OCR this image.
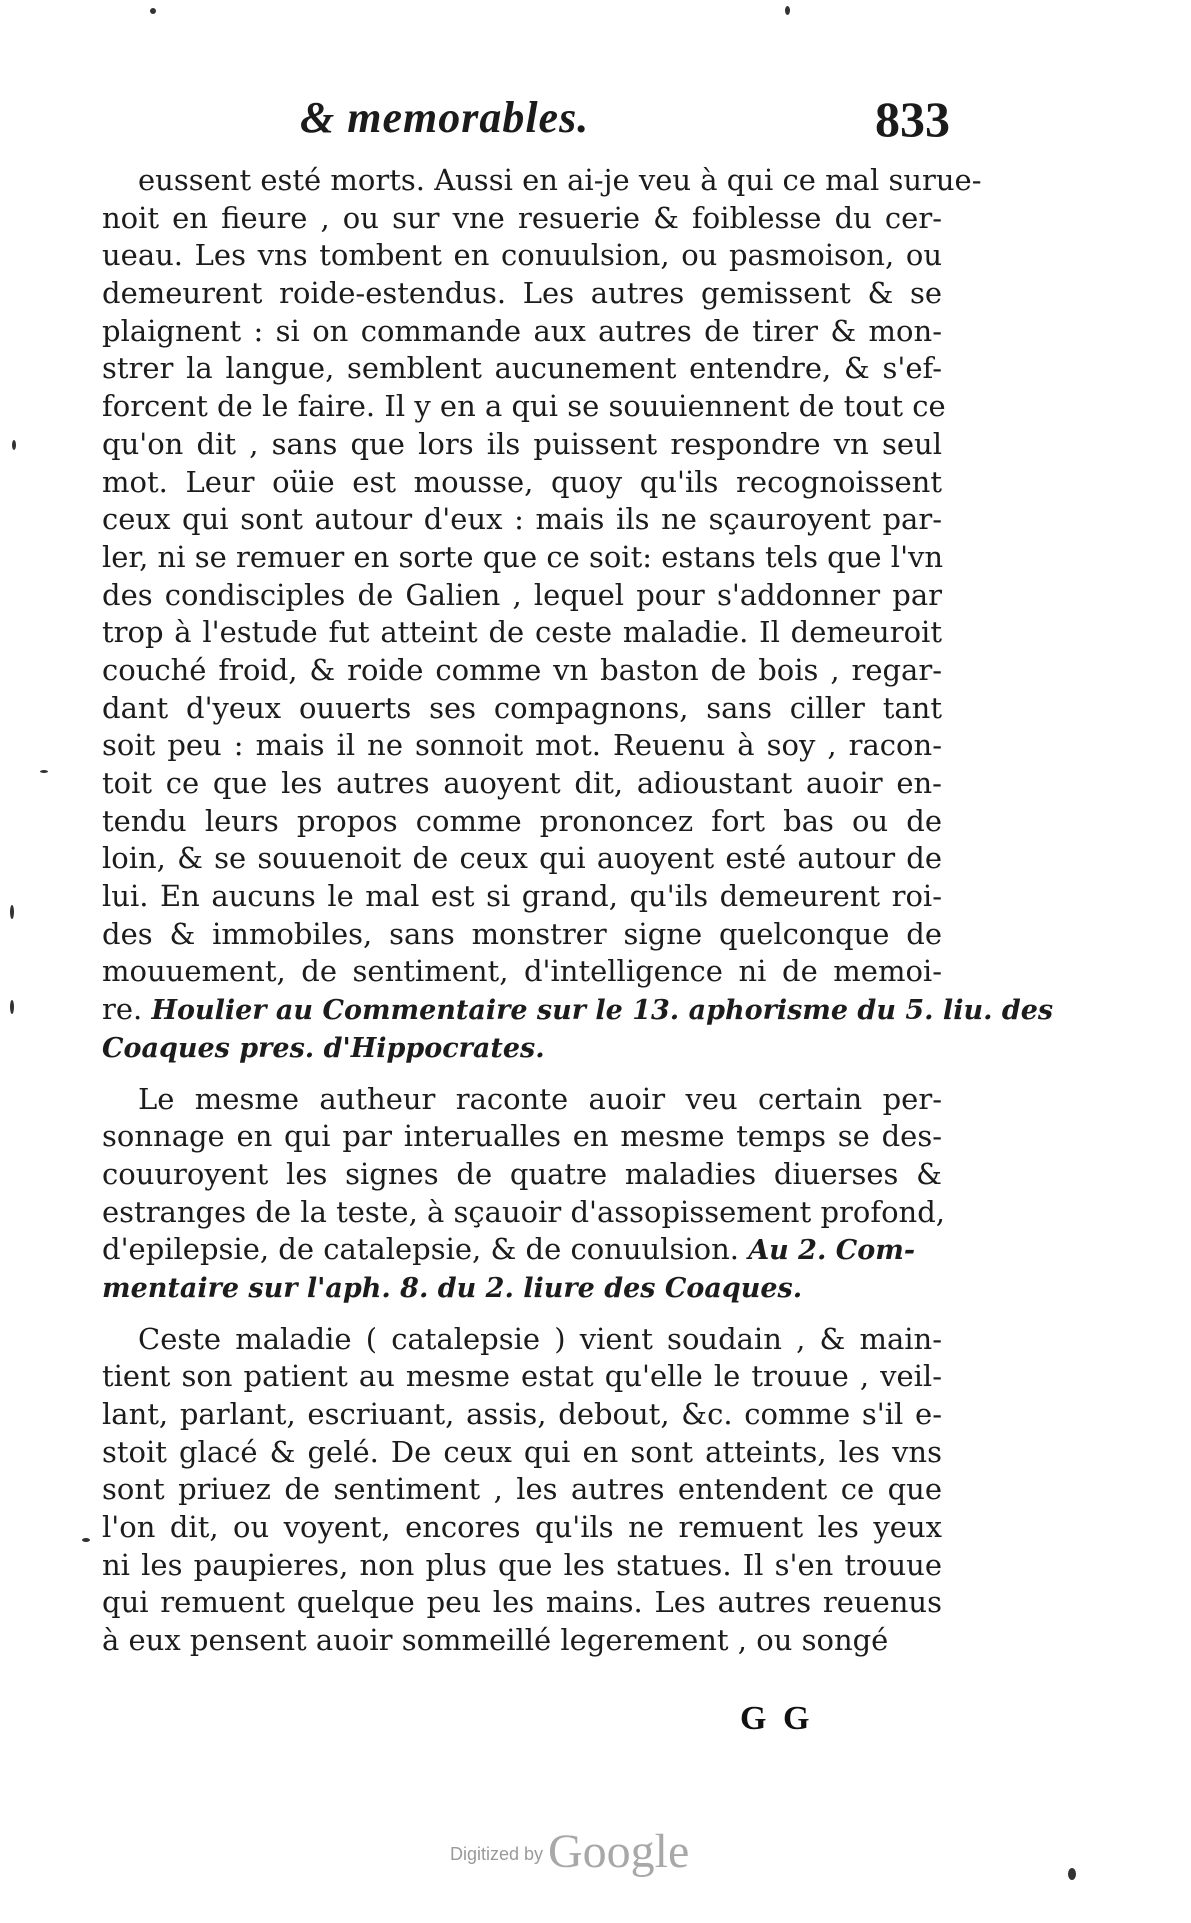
& memorables.	833
eussent esté morts. Aussi en ai-je veu à qui ce mal surue-
noit en fieure , ou sur vne resuerie & foiblesse du cer-
ueau. Les vns tombent en conuulsion, ou pasmoison, ou
demeurent roide-estendus. Les autres gemissent & se
plaignent : si on commande aux autres de tirer & mon-
strer la langue, semblent aucunement entendre, & s'ef-
forcent de le faire. Il y en a qui se souuiennent de tout ce
qu'on dit , sans que lors ils puissent respondre vn seul
mot. Leur oüie est mousse, quoy qu'ils recognoissent
ceux qui sont autour d'eux : mais ils ne sçauroyent par-
ler, ni se remuer en sorte que ce soit: estans tels que l'vn
des condisciples de Galien , lequel pour s'addonner par
trop à l'estude fut atteint de ceste maladie. Il demeuroit
couché froid, & roide comme vn baston de bois , regar-
dant d'yeux ouuerts ses compagnons, sans ciller tant
soit peu : mais il ne sonnoit mot. Reuenu à soy , racon-
toit ce que les autres auoyent dit, adioustant auoir en-
tendu leurs propos comme prononcez fort bas ou de
loin, & se souuenoit de ceux qui auoyent esté autour de
lui. En aucuns le mal est si grand, qu'ils demeurent roi-
des & immobiles, sans monstrer signe quelconque de
mouuement, de sentiment, d'intelligence ni de memoi-
re. Houlier au Commentaire sur le 13. aphorisme du 5. liu. des
Coaques pres. d'Hippocrates.
Le mesme autheur raconte auoir veu certain per-
sonnage en qui par interualles en mesme temps se des-
couuroyent les signes de quatre maladies diuerses &
estranges de la teste, à sçauoir d'assopissement profond,
d'epilepsie, de catalepsie, & de conuulsion. Au 2. Com-
mentaire sur l'aph. 8. du 2. liure des Coaques.
Ceste maladie ( catalepsie ) vient soudain , & main-
tient son patient au mesme estat qu'elle le trouue , veil-
lant, parlant, escriuant, assis, debout, &c. comme s'il e-
stoit glacé & gelé. De ceux qui en sont atteints, les vns
sont priuez de sentiment , les autres entendent ce que
l'on dit, ou voyent, encores qu'ils ne remuent les yeux
ni les paupieres, non plus que les statues. Il s'en trouue
qui remuent quelque peu les mains. Les autres reuenus
à eux pensent auoir sommeillé legerement , ou songé
G G
Digitized by Google
